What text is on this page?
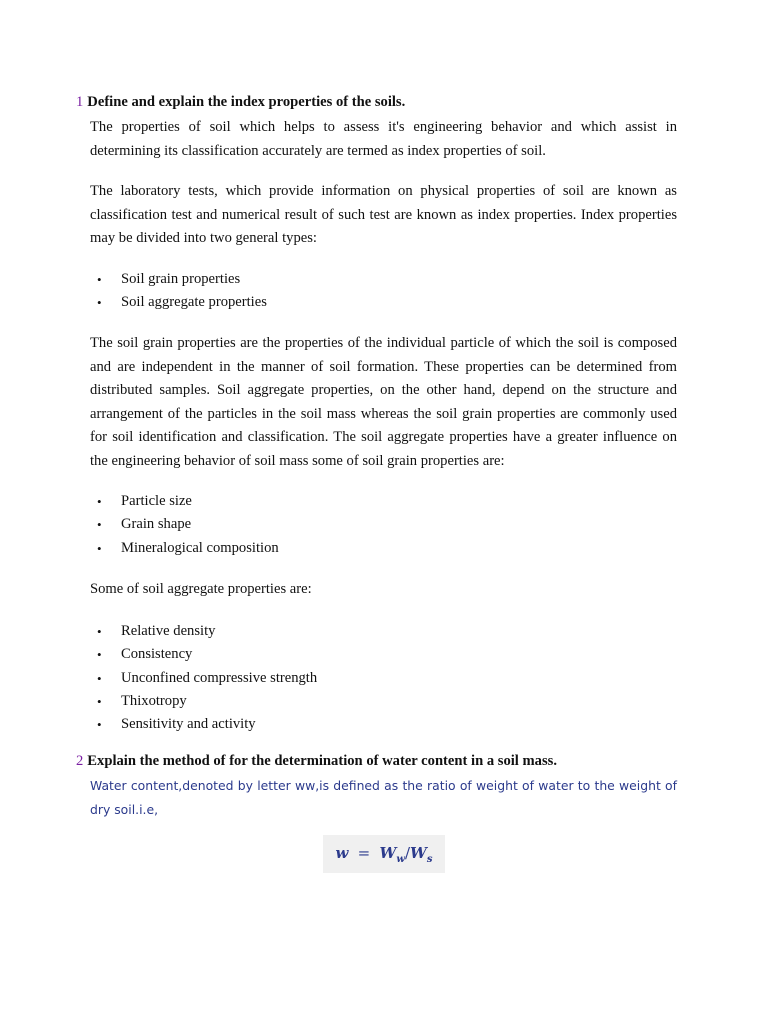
1 Define and explain the index properties of the soils.

The properties of soil which helps to assess it's engineering behavior and which assist in determining its classification accurately are termed as index properties of soil.

The laboratory tests, which provide information on physical properties of soil are known as classification test and numerical result of such test are known as index properties. Index properties may be divided into two general types:

• Soil grain properties
• Soil aggregate properties

The soil grain properties are the properties of the individual particle of which the soil is composed and are independent in the manner of soil formation. These properties can be determined from distributed samples. Soil aggregate properties, on the other hand, depend on the structure and arrangement of the particles in the soil mass whereas the soil grain properties are commonly used for soil identification and classification. The soil aggregate properties have a greater influence on the engineering behavior of soil mass some of soil grain properties are:

• Particle size
• Grain shape
• Mineralogical composition

Some of soil aggregate properties are:

• Relative density
• Consistency
• Unconfined compressive strength
• Thixotropy
• Sensitivity and activity
2 Explain the method of for the determination of water content in a soil mass.

Water content,denoted by letter ww,is defined as the ratio of weight of water to the weight of dry soil.i.e,

$w = W_w/W_s$
